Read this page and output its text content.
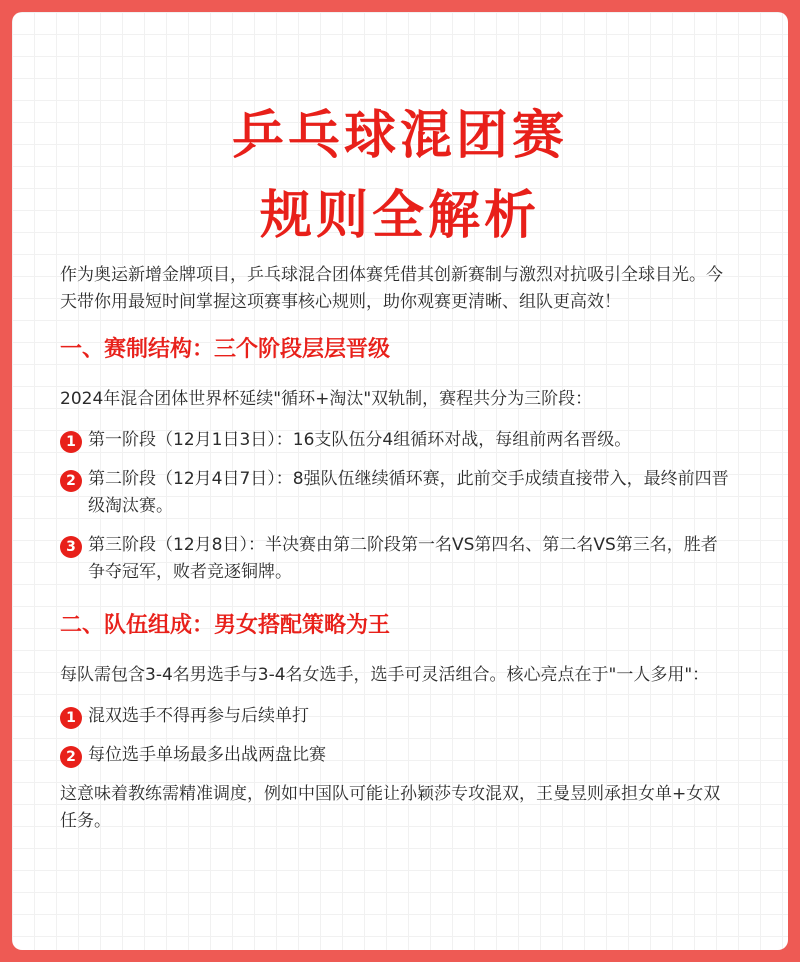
乒乓球混团赛
规则全解析

作为奥运新增金牌项目，乒乓球混合团体赛凭借其创新赛制与激烈对抗吸引全球目光。今天带你用最短时间掌握这项赛事核心规则，助你观赛更清晰、组队更高效！

一、赛制结构：三个阶段层层晋级

2024年混合团体世界杯延续"循环+淘汰"双轨制，赛程共分为三阶段：

1 第一阶段（12月1日3日）：16支队伍分4组循环对战，每组前两名晋级。
2 第二阶段（12月4日7日）：8强队伍继续循环赛，此前交手成绩直接带入，最终前四晋级淘汰赛。
3 第三阶段（12月8日）：半决赛由第二阶段第一名VS第四名、第二名VS第三名，胜者争夺冠军，败者竞逐铜牌。
二、队伍组成：男女搭配策略为王

每队需包含3-4名男选手与3-4名女选手，选手可灵活组合。核心亮点在于"一人多用"：

1 混双选手不得再参与后续单打
2 每位选手单场最多出战两盘比赛

这意味着教练需精准调度，例如中国队可能让孙颖莎专攻混双，王曼昱则承担女单+女双任务。
